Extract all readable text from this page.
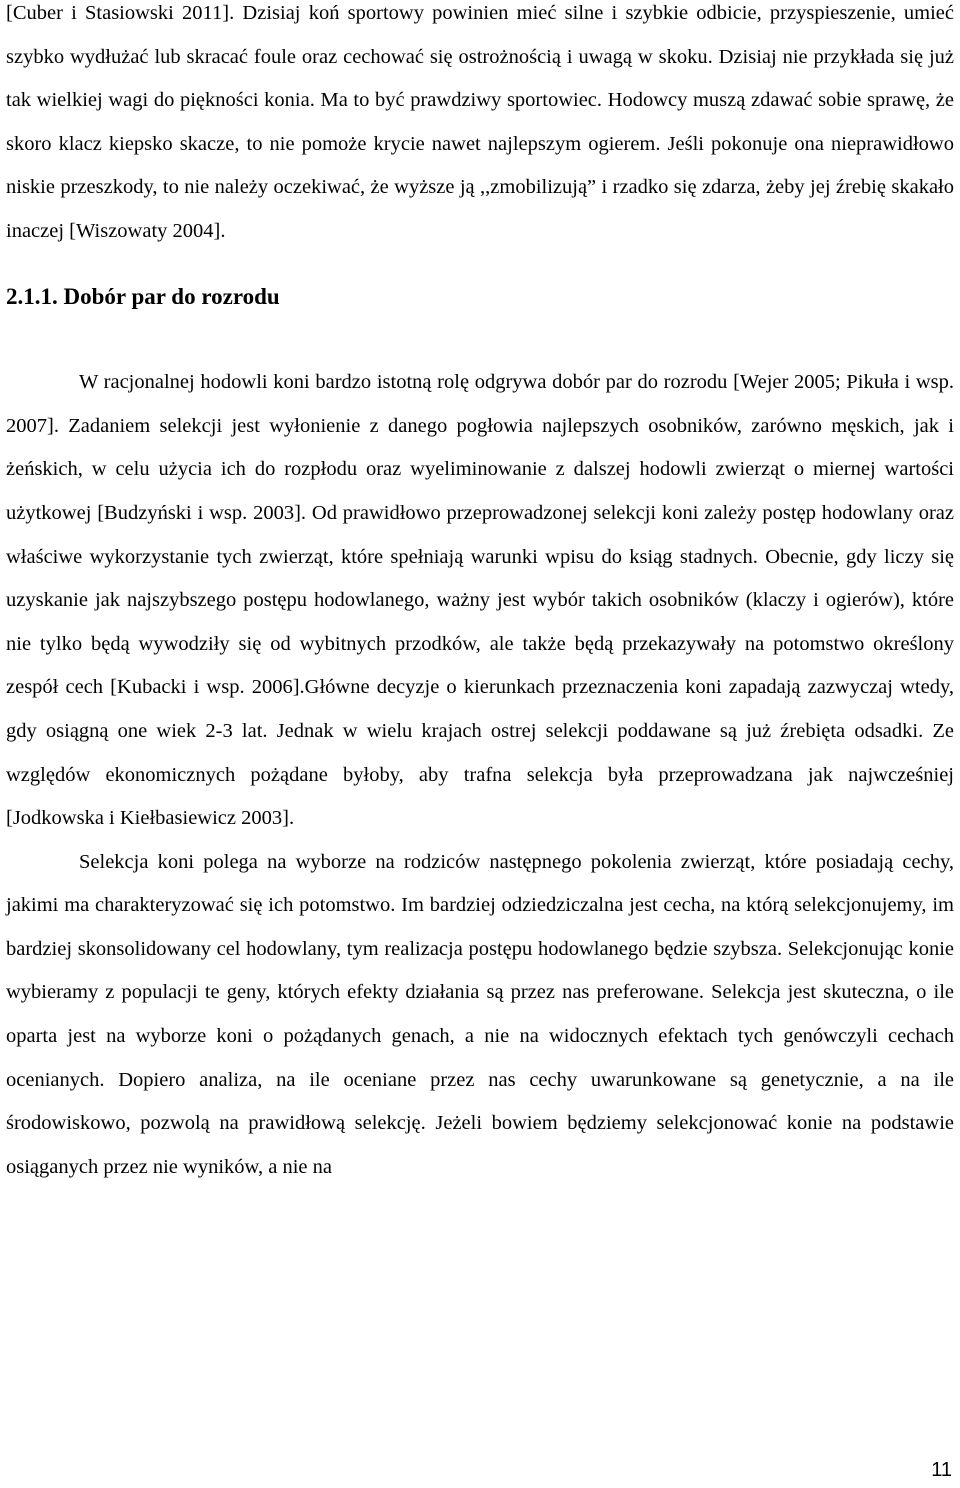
[Cuber i Stasiowski 2011]. Dzisiaj koń sportowy powinien mieć silne i szybkie odbicie, przyspieszenie, umieć szybko wydłużać lub skracać foule oraz cechować się ostrożnością i uwagą w skoku. Dzisiaj nie przykłada się już tak wielkiej wagi do piękności konia. Ma to być prawdziwy sportowiec. Hodowcy muszą zdawać sobie sprawę, że skoro klacz kiepsko skacze, to nie pomoże krycie nawet najlepszym ogierem. Jeśli pokonuje ona nieprawidłowo niskie przeszkody, to nie należy oczekiwać, że wyższe ją ,,zmobilizują” i rzadko się zdarza, żeby jej źrebię skakało inaczej [Wiszowaty 2004].

2.1.1. Dobór par do rozrodu

W racjonalnej hodowli koni bardzo istotną rolę odgrywa dobór par do rozrodu [Wejer 2005; Pikuła i wsp. 2007]. Zadaniem selekcji jest wyłonienie z danego pogłowia najlepszych osobników, zarówno męskich, jak i żeńskich, w celu użycia ich do rozpłodu oraz wyeliminowanie z dalszej hodowli zwierząt o miernej wartości użytkowej [Budzyński i wsp. 2003]. Od prawidłowo przeprowadzonej selekcji koni zależy postęp hodowlany oraz właściwe wykorzystanie tych zwierząt, które spełniają warunki wpisu do ksiąg stadnych. Obecnie, gdy liczy się uzyskanie jak najszybszego postępu hodowlanego, ważny jest wybór takich osobników (klaczy i ogierów), które nie tylko będą wywodziły się od wybitnych przodków, ale także będą przekazywały na potomstwo określony zespół cech [Kubacki i wsp. 2006].Główne decyzje o kierunkach przeznaczenia koni zapadają zazwyczaj wtedy, gdy osiągną one wiek 2-3 lat. Jednak w wielu krajach ostrej selekcji poddawane są już źrebięta odsadki. Ze względów ekonomicznych pożądane byłoby, aby trafna selekcja była przeprowadzana jak najwcześniej [Jodkowska i Kiełbasiewicz 2003].

Selekcja koni polega na wyborze na rodziców następnego pokolenia zwierząt, które posiadają cechy, jakimi ma charakteryzować się ich potomstwo. Im bardziej odziedziczalna jest cecha, na którą selekcjonujemy, im bardziej skonsolidowany cel hodowlany, tym realizacja postępu hodowlanego będzie szybsza. Selekcjonując konie wybieramy z populacji te geny, których efekty działania są przez nas preferowane. Selekcja jest skuteczna, o ile oparta jest na wyborze koni o pożądanych genach, a nie na widocznych efektach tych genówczyli cechach ocenianych. Dopiero analiza, na ile oceniane przez nas cechy uwarunkowane są genetycznie, a na ile środowiskowo, pozwolą na prawidłową selekcję. Jeżeli bowiem będziemy selekcjonować konie na podstawie osiąganych przez nie wyników, a nie na

11
